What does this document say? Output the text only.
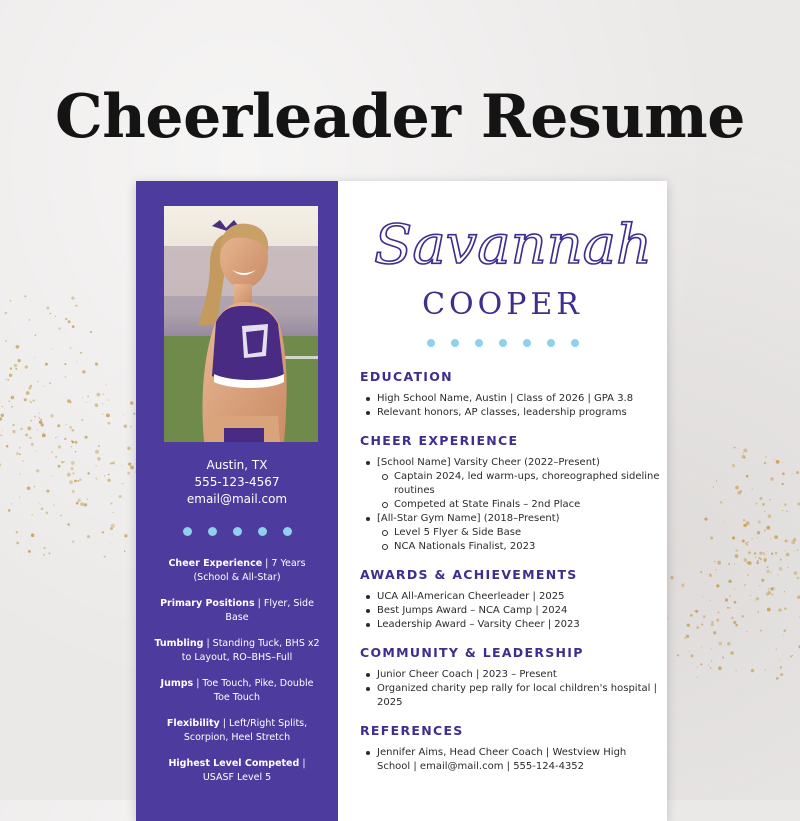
Cheerleader Resume
Austin, TX
555-123-4567
email@mail.com
Cheer Experience | 7 Years (School & All-Star)
Primary Positions | Flyer, Side Base
Tumbling | Standing Tuck, BHS x2 to Layout, RO–BHS–Full
Jumps | Toe Touch, Pike, Double Toe Touch
Flexibility | Left/Right Splits, Scorpion, Heel Stretch
Highest Level Competed | USASF Level 5
Savannah
COOPER
EDUCATION
High School Name, Austin | Class of 2026 | GPA 3.8
Relevant honors, AP classes, leadership programs
CHEER EXPERIENCE
[School Name] Varsity Cheer (2022–Present)
Captain 2024, led warm-ups, choreographed sideline routines
Competed at State Finals – 2nd Place
[All-Star Gym Name] (2018–Present)
Level 5 Flyer & Side Base
NCA Nationals Finalist, 2023
AWARDS & ACHIEVEMENTS
UCA All-American Cheerleader | 2025
Best Jumps Award – NCA Camp | 2024
Leadership Award – Varsity Cheer | 2023
COMMUNITY & LEADERSHIP
Junior Cheer Coach | 2023 – Present
Organized charity pep rally for local children's hospital | 2025
REFERENCES
Jennifer Aims, Head Cheer Coach | Westview High School | email@mail.com | 555-124-4352
